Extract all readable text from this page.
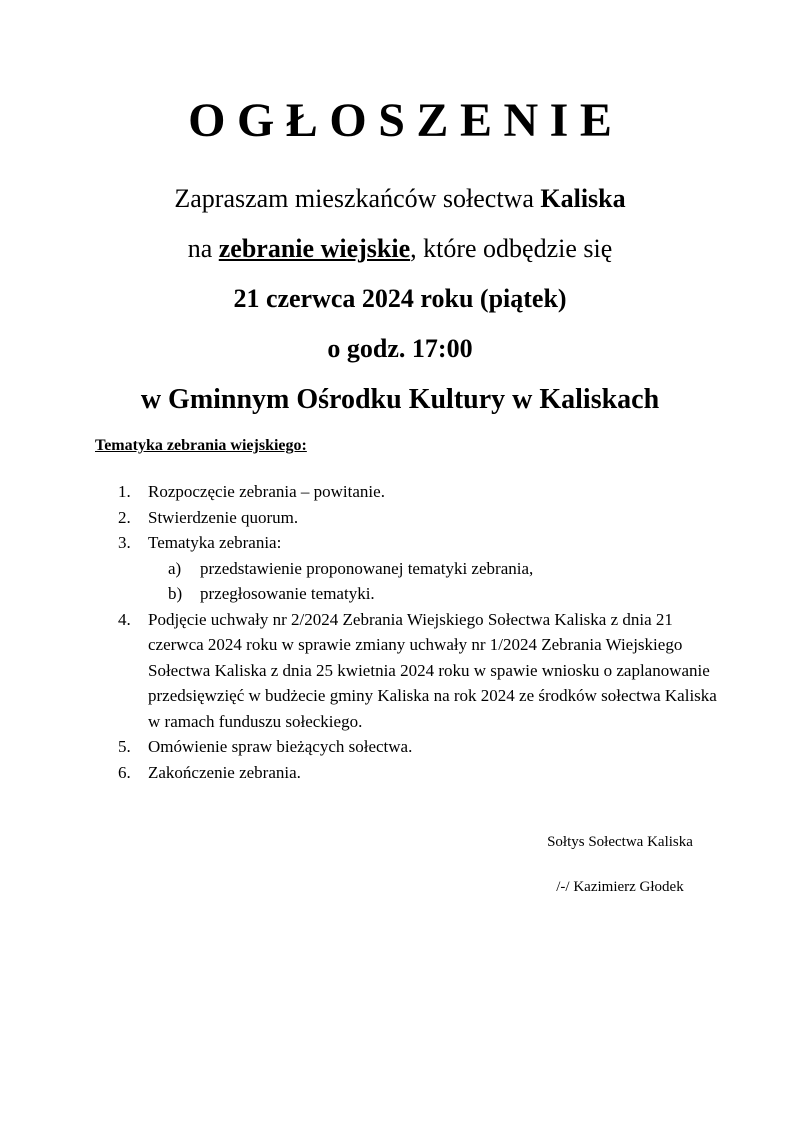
OGŁOSZENIE
Zapraszam mieszkańców sołectwa Kaliska
na zebranie wiejskie, które odbędzie się
21 czerwca 2024 roku (piątek)
o godz. 17:00
w Gminnym Ośrodku Kultury w Kaliskach
Tematyka zebrania wiejskiego:
1.	Rozpoczęcie zebrania – powitanie.
2.	Stwierdzenie quorum.
3.	Tematyka zebrania:
a)	przedstawienie proponowanej tematyki zebrania,
b)	przegłosowanie tematyki.
4.	Podjęcie uchwały nr 2/2024 Zebrania Wiejskiego Sołectwa Kaliska z dnia 21 czerwca 2024 roku w sprawie zmiany uchwały nr 1/2024 Zebrania Wiejskiego Sołectwa Kaliska z dnia 25 kwietnia 2024 roku w spawie wniosku o zaplanowanie przedsięwzięć w budżecie gminy Kaliska na rok 2024 ze środków sołectwa Kaliska w ramach funduszu sołeckiego.
5.	Omówienie spraw bieżących sołectwa.
6.	Zakończenie zebrania.
Sołtys Sołectwa Kaliska
/-/ Kazimierz Głodek
